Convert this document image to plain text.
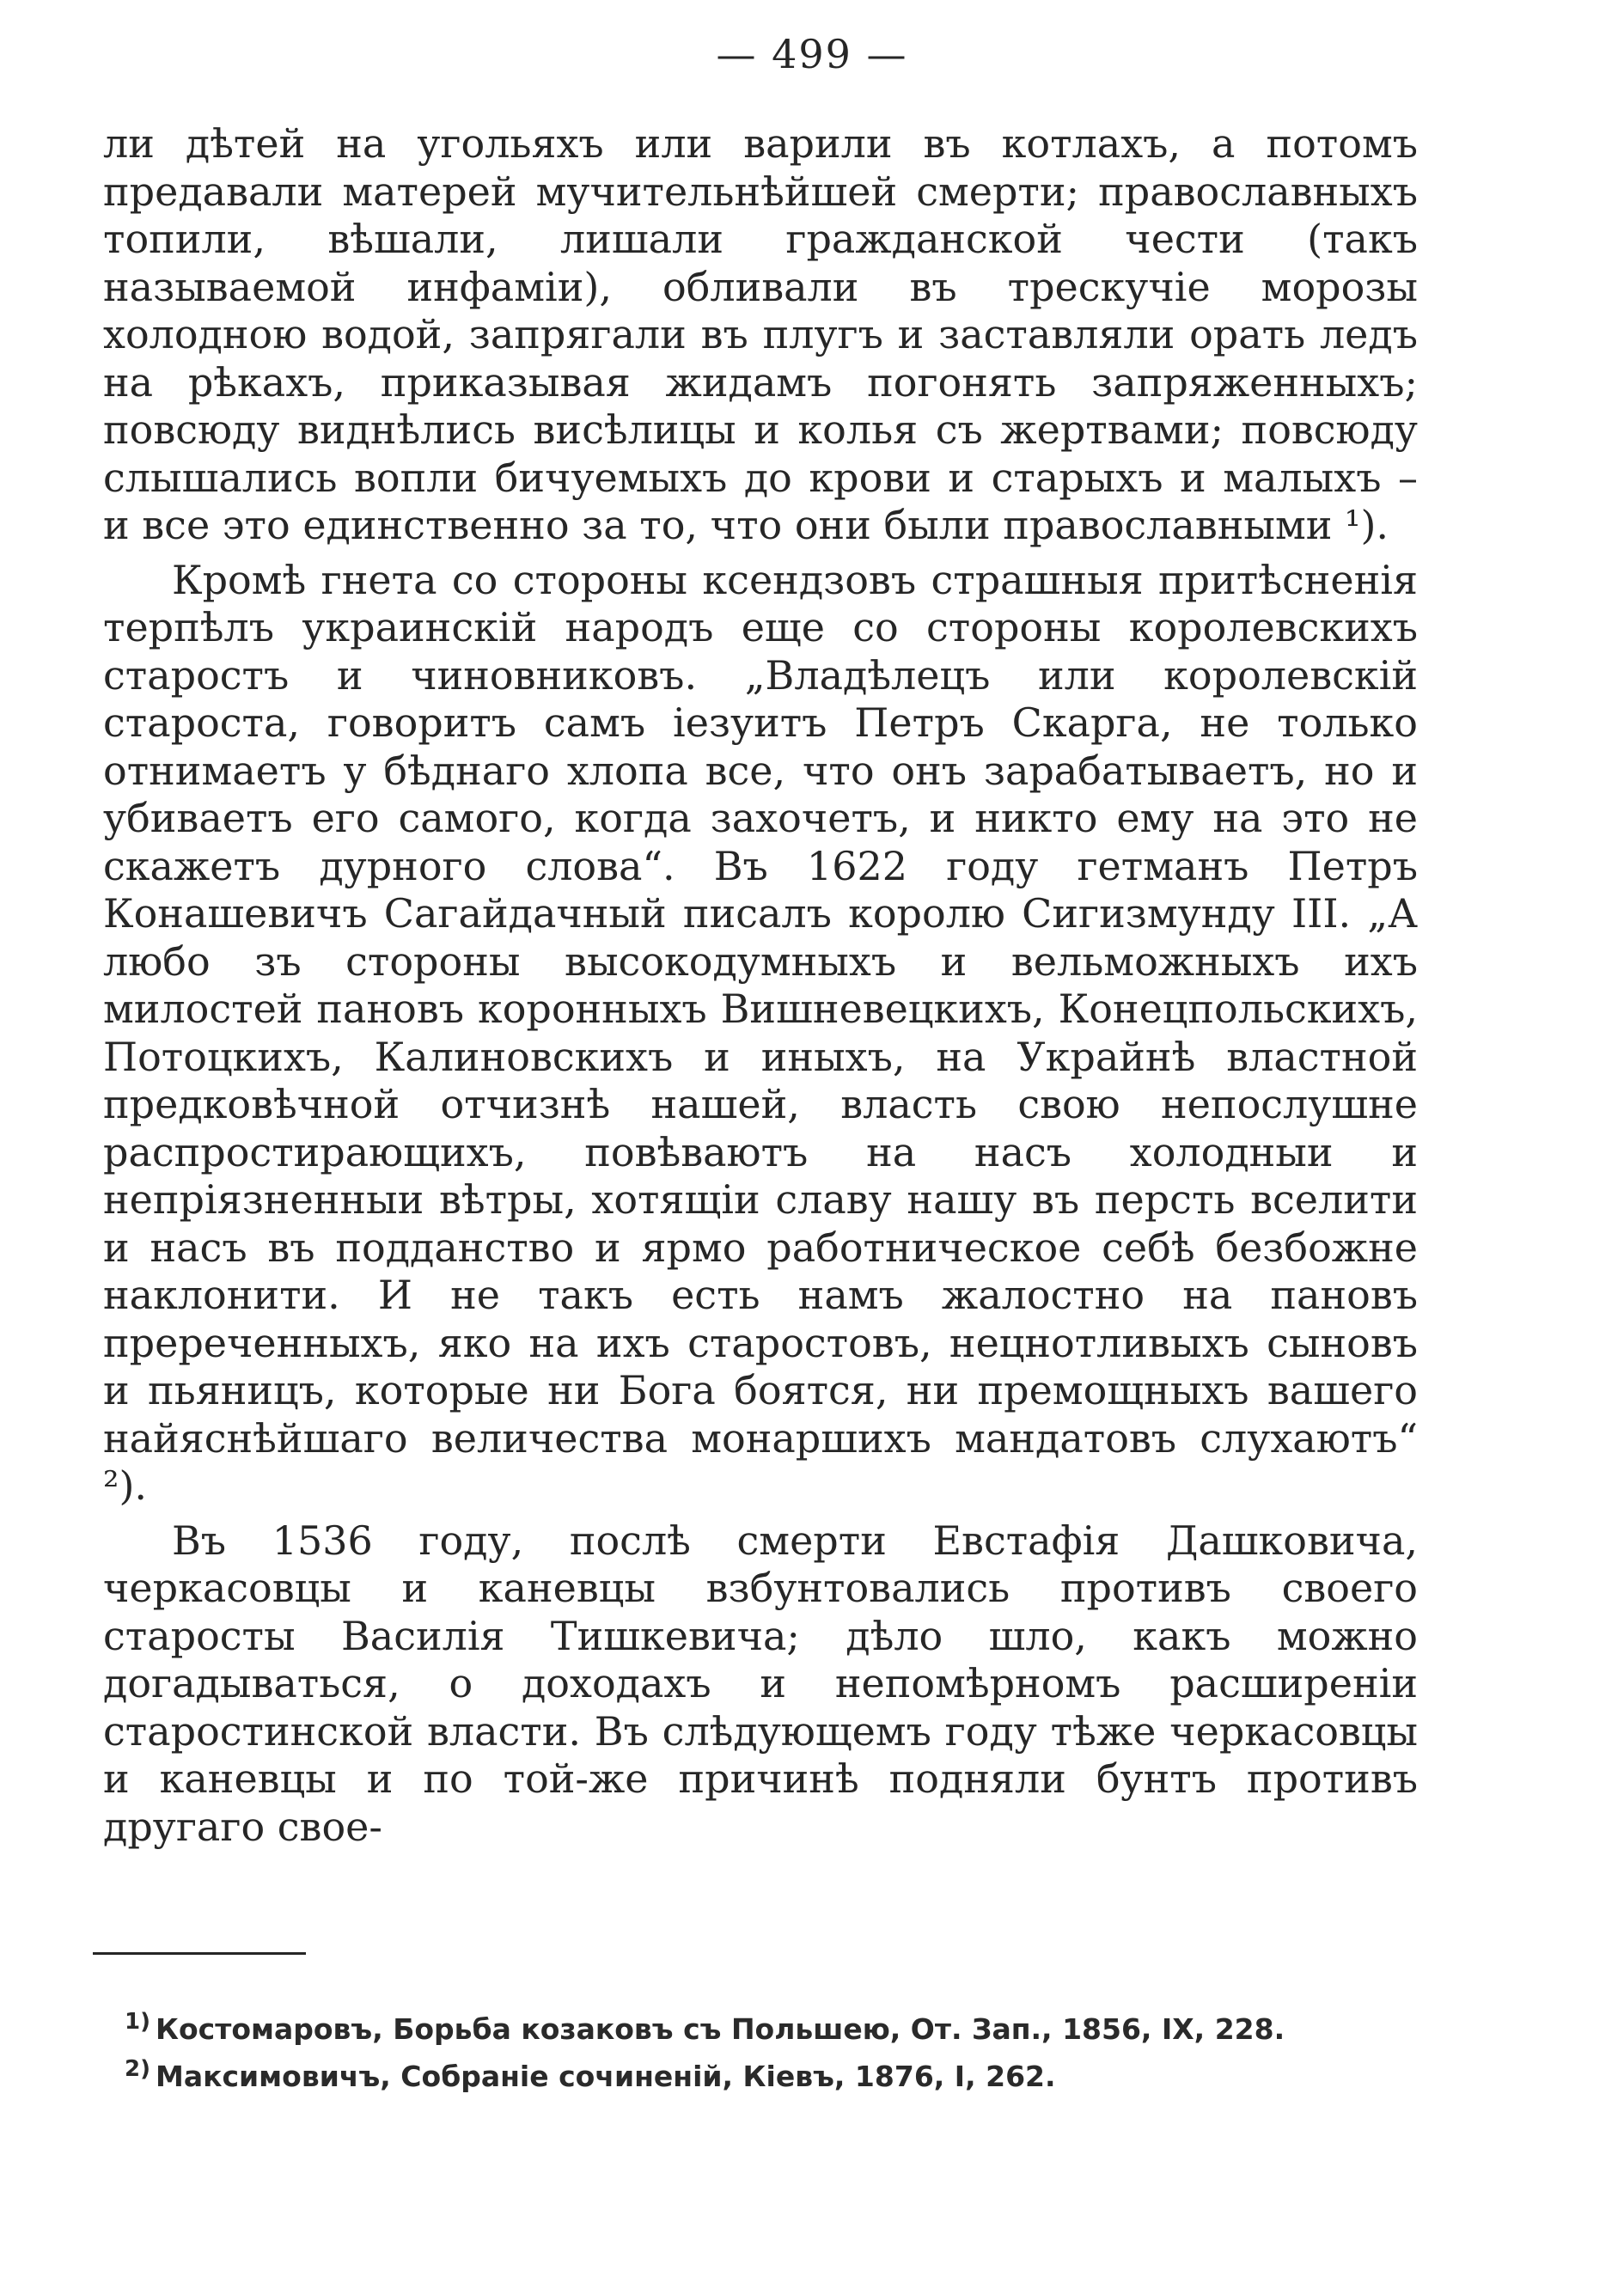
— 499 —

ли дѣтей на угольяхъ или варили въ котлахъ, а потомъ предавали матерей мучительнѣйшей смерти; православныхъ топили, вѣшали, лишали гражданской чести (такъ называемой инфаміи), обливали въ трескучіе морозы холодною водой, запрягали въ плугъ и заставляли орать ледъ на рѣкахъ, приказывая жидамъ погонять запряженныхъ; повсюду виднѣлись висѣлицы и колья съ жертвами; повсюду слышались вопли бичуемыхъ до крови и старыхъ и малыхъ – и все это единственно за то, что они были православными ¹).

Кромѣ гнета со стороны ксендзовъ страшныя притѣсненія терпѣлъ украинскій народъ еще со стороны королевскихъ старостъ и чиновниковъ. „Владѣлецъ или королевскій староста, говоритъ самъ іезуитъ Петръ Скарга, не только отнимаетъ у бѣднаго хлопа все, что онъ зарабатываетъ, но и убиваетъ его самого, когда захочетъ, и никто ему на это не скажетъ дурного слова“. Въ 1622 году гетманъ Петръ Конашевичъ Сагайдачный писалъ королю Сигизмунду III. „А любо зъ стороны высокодумныхъ и вельможныхъ ихъ милостей пановъ коронныхъ Вишневецкихъ, Конецпольскихъ, Потоцкихъ, Калиновскихъ и иныхъ, на Украйнѣ властной предковѣчной отчизнѣ нашей, власть свою непослушне распростирающихъ, повѣваютъ на насъ холодныи и непріязненныи вѣтры, хотящіи славу нашу въ персть вселити и насъ въ подданство и ярмо работническое себѣ безбожне наклонити. И не такъ есть намъ жалостно на пановъ пререченныхъ, яко на ихъ старостовъ, нецнотливыхъ сыновъ и пьяницъ, которые ни Бога боятся, ни премощныхъ вашего найяснѣйшаго величества монаршихъ мандатовъ слухаютъ“ ²).

Въ 1536 году, послѣ смерти Евстафія Дашковича, черкасовцы и каневцы взбунтовались противъ своего старосты Василія Тишкевича; дѣло шло, какъ можно догадываться, о доходахъ и непомѣрномъ расширеніи старостинской власти. Въ слѣдующемъ году тѣже черкасовцы и каневцы и по той-же причинѣ подняли бунтъ противъ другаго свое-

$^{1)}$ Костомаровъ, Борьба козаковъ съ Польшею, От. Зап., 1856, IX, 228.

$^{2)}$ Максимовичъ, Собраніе сочиненій, Кіевъ, 1876, I, 262.
